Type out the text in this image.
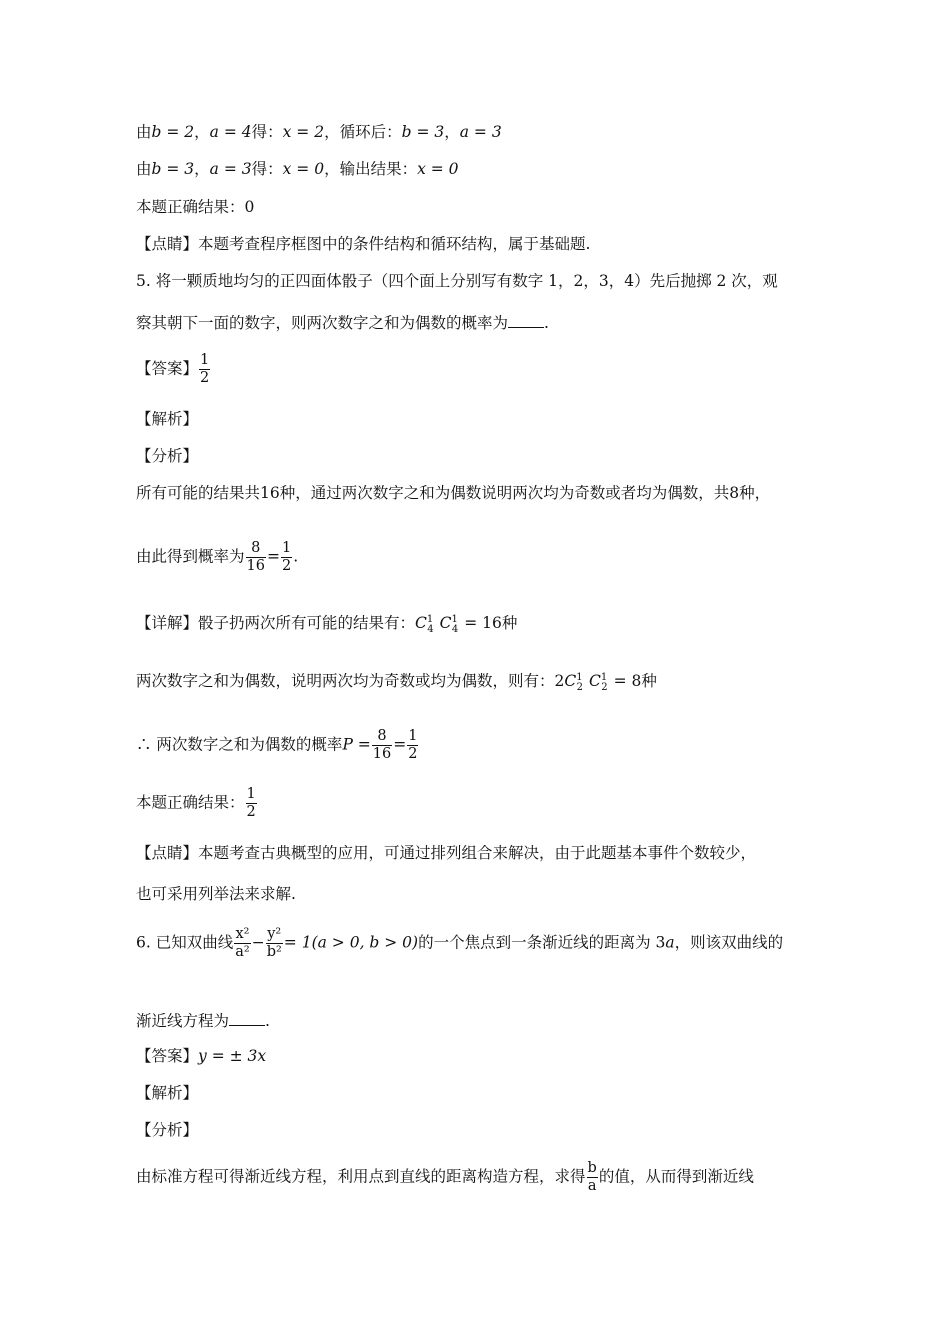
由b = 2，a = 4得：x = 2，循环后：b = 3，a = 3
由b = 3，a = 3得：x = 0，输出结果：x = 0
本题正确结果：0
【点睛】本题考查程序框图中的条件结构和循环结构，属于基础题.
5. 将一颗质地均匀的正四面体骰子（四个面上分别写有数字 1，2，3，4）先后抛掷 2 次，观
察其朝下一面的数字，则两次数字之和为偶数的概率为 .
【答案】 $\frac{1}{2}$
【解析】
【分析】
所有可能的结果共16种，通过两次数字之和为偶数说明两次均为奇数或者均为偶数，共8种，
由此得到概率为 $\frac{8}{16} = \frac{1}{2}$ .
【详解】骰子扔两次所有可能的结果有：$C^1_4$ $C^1_4 = 16$种
两次数字之和为偶数，说明两次均为奇数或均为偶数，则有：$2C^1_2$ $C^1_2 = 8$种
∴ 两次数字之和为偶数的概率$P = \frac{8}{16} = \frac{1}{2}$
本题正确结果： $\frac{1}{2}$
【点睛】本题考查古典概型的应用，可通过排列组合来解决，由于此题基本事件个数较少，
也可采用列举法来求解.
6. 已知双曲线 $\frac{\text{x²}}{\text{a²}} - \frac{\text{y²}}{\text{b²}} = 1(a > 0$, b > 0)的一个焦点到一条渐近线的距离为 3a，则该双曲线的
渐近线方程为 .
【答案】y = ± 3x
【解析】
【分析】
由标准方程可得渐近线方程，利用点到直线的距离构造方程，求得 $\frac{b}{a}$ 的值，从而得到渐近线
